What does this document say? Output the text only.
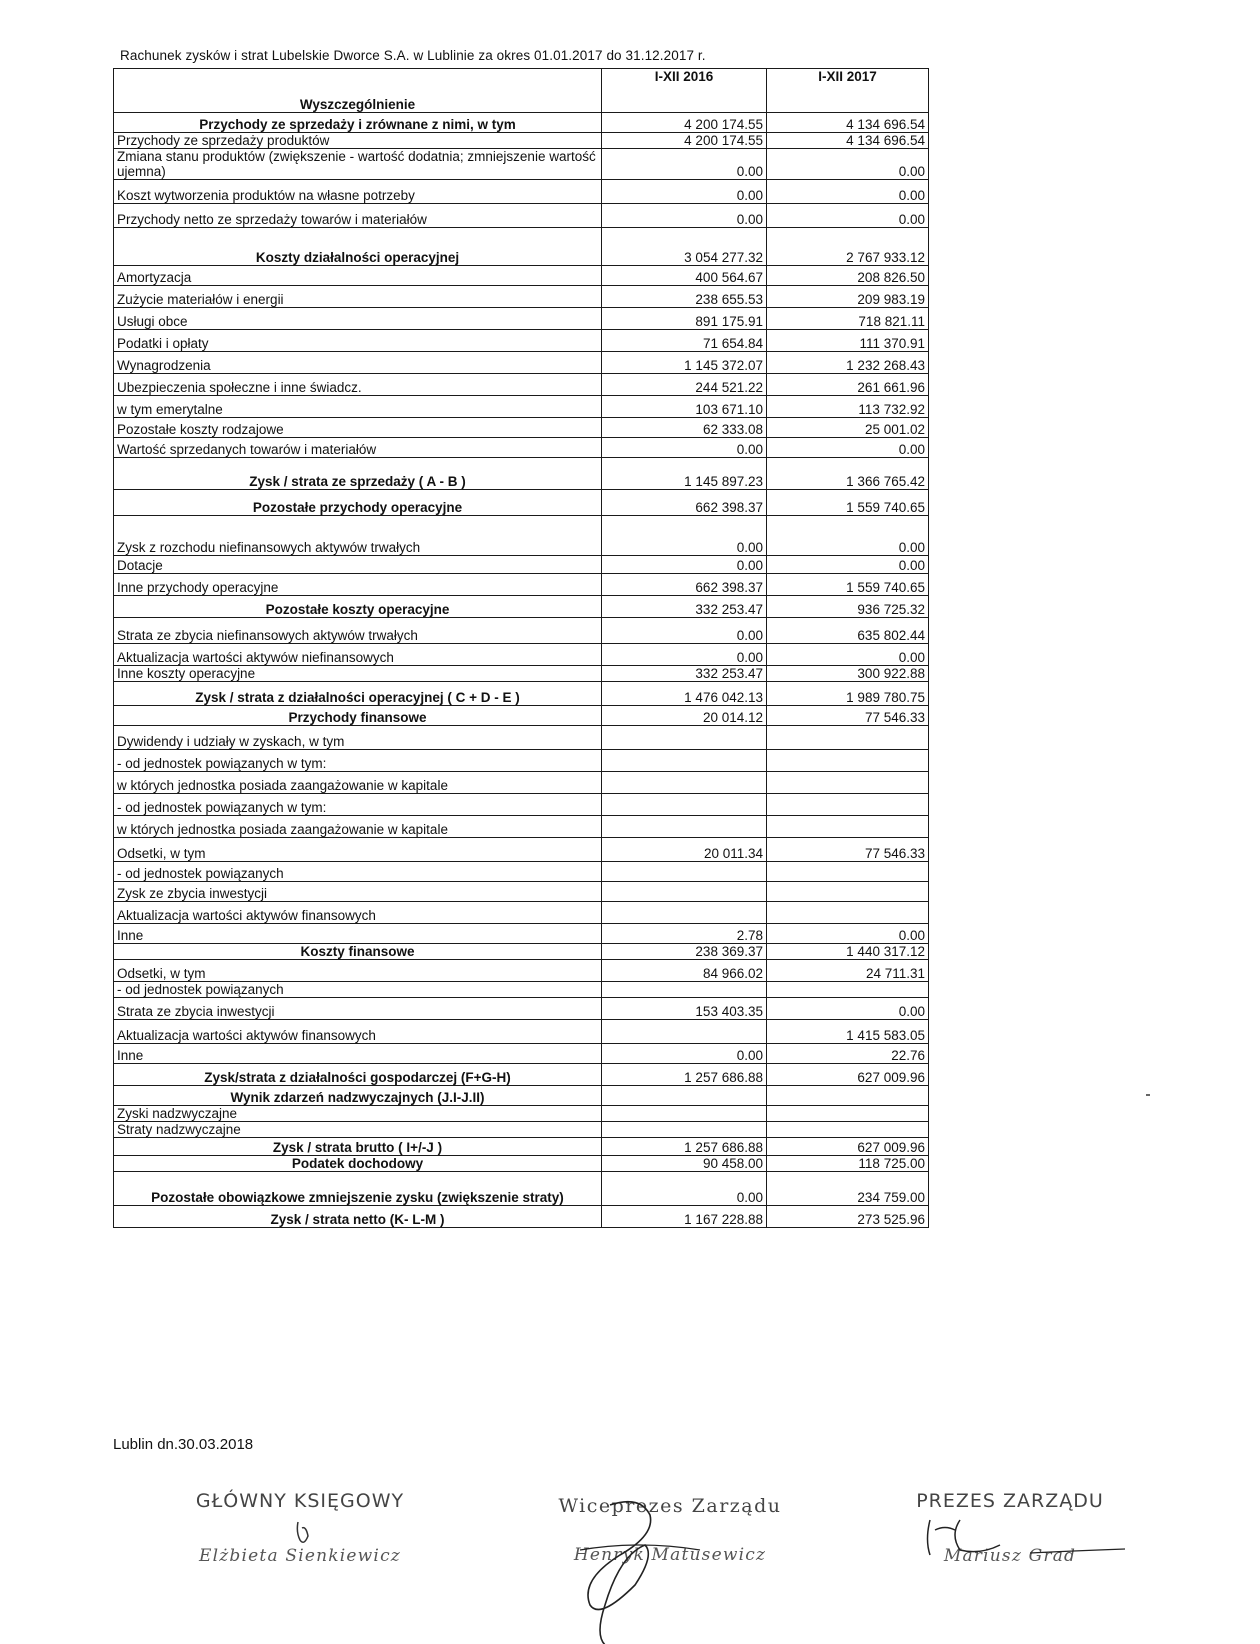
Rachunek zysków i strat Lubelskie Dworce S.A. w Lublinie za okres 01.01.2017 do 31.12.2017 r.
Wyszczególnienie	I-XII 2016	I-XII 2017
Przychody ze sprzedaży i zrównane z nimi, w tym	4 200 174.55	4 134 696.54
Przychody ze sprzedaży produktów	4 200 174.55	4 134 696.54
Zmiana stanu produktów (zwiększenie - wartość dodatnia; zmniejszenie wartość ujemna)	0.00	0.00
Koszt wytworzenia produktów na własne potrzeby	0.00	0.00
Przychody netto ze sprzedaży towarów i materiałów	0.00	0.00
Koszty działalności operacyjnej	3 054 277.32	2 767 933.12
Amortyzacja	400 564.67	208 826.50
Zużycie materiałów i energii	238 655.53	209 983.19
Usługi obce	891 175.91	718 821.11
Podatki i opłaty	71 654.84	111 370.91
Wynagrodzenia	1 145 372.07	1 232 268.43
Ubezpieczenia społeczne i inne świadcz.	244 521.22	261 661.96
w tym emerytalne	103 671.10	113 732.92
Pozostałe koszty rodzajowe	62 333.08	25 001.02
Wartość sprzedanych towarów i materiałów	0.00	0.00
Zysk / strata ze sprzedaży ( A - B )	1 145 897.23	1 366 765.42
Pozostałe przychody operacyjne	662 398.37	1 559 740.65
Zysk z rozchodu niefinansowych aktywów trwałych	0.00	0.00
Dotacje	0.00	0.00
Inne przychody operacyjne	662 398.37	1 559 740.65
Pozostałe koszty operacyjne	332 253.47	936 725.32
Strata ze zbycia niefinansowych aktywów trwałych	0.00	635 802.44
Aktualizacja wartości aktywów niefinansowych	0.00	0.00
Inne koszty operacyjne	332 253.47	300 922.88
Zysk / strata z działalności operacyjnej ( C + D - E )	1 476 042.13	1 989 780.75
Przychody finansowe	20 014.12	77 546.33
Dywidendy i udziały w zyskach, w tym		
- od jednostek powiązanych w tym:		
w których jednostka posiada zaangażowanie w kapitale		
- od jednostek powiązanych w tym:		
w których jednostka posiada zaangażowanie w kapitale		
Odsetki, w tym	20 011.34	77 546.33
- od jednostek powiązanych		
Zysk ze zbycia inwestycji		
Aktualizacja wartości aktywów finansowych		
Inne	2.78	0.00
Koszty finansowe	238 369.37	1 440 317.12
Odsetki, w tym	84 966.02	24 711.31
- od jednostek powiązanych		
Strata ze zbycia inwestycji	153 403.35	0.00
Aktualizacja wartości aktywów finansowych		1 415 583.05
Inne	0.00	22.76
Zysk/strata z działalności gospodarczej (F+G-H)	1 257 686.88	627 009.96
Wynik zdarzeń nadzwyczajnych (J.I-J.II)		
Zyski nadzwyczajne		
Straty nadzwyczajne		
Zysk / strata brutto ( I+/-J )	1 257 686.88	627 009.96
Podatek dochodowy	90 458.00	118 725.00
Pozostałe obowiązkowe zmniejszenie zysku (zwiększenie straty)	0.00	234 759.00
Zysk / strata netto (K- L-M )	1 167 228.88	273 525.96
Lublin dn.30.03.2018
GŁÓWNY KSIĘGOWY
Elżbieta Sienkiewicz
Wiceprezes Zarządu
Henryk Matusewicz
PREZES ZARZĄDU
Mariusz Grad
